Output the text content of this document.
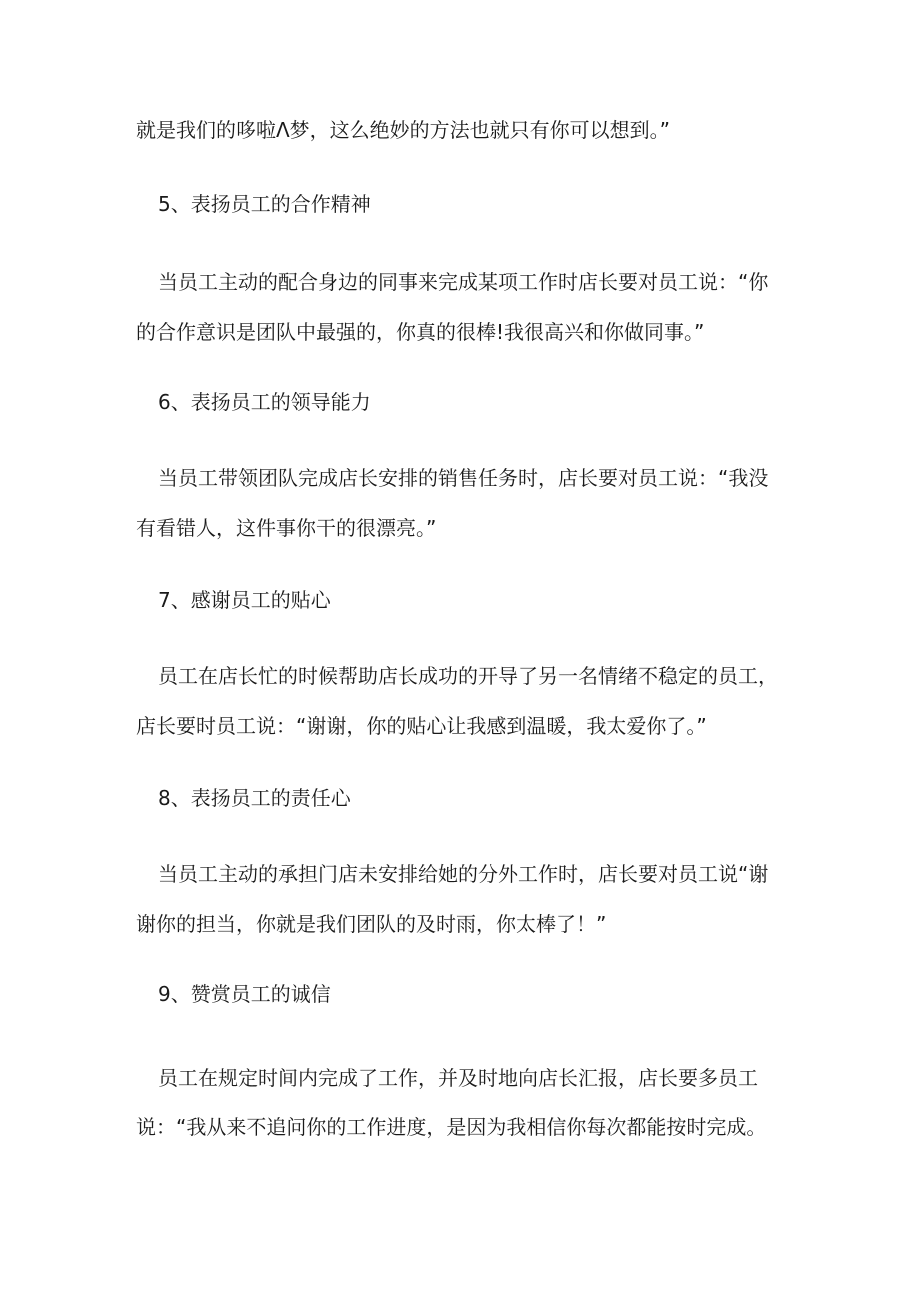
就是我们的哆啦Λ梦，这么绝妙的方法也就只有你可以想到。”
5、表扬员工的合作精神
当员工主动的配合身边的同事来完成某项工作时店长要对员工说：“你
的合作意识是团队中最强的，你真的很棒!我很高兴和你做同事。”
6、表扬员工的领导能力
当员工带领团队完成店长安排的销售任务时，店长要对员工说：“我没
有看错人，这件事你干的很漂亮。”
7、感谢员工的贴心
员工在店长忙的时候帮助店长成功的开导了另一名情绪不稳定的员工，
店长要时员工说：“谢谢，你的贴心让我感到温暖，我太爱你了。”
8、表扬员工的责任心
当员工主动的承担门店未安排给她的分外工作时，店长要对员工说“谢
谢你的担当，你就是我们团队的及时雨，你太棒了！”
9、赞赏员工的诚信
员工在规定时间内完成了工作，并及时地向店长汇报，店长要多员工
说：“我从来不追问你的工作进度，是因为我相信你每次都能按时完成。
